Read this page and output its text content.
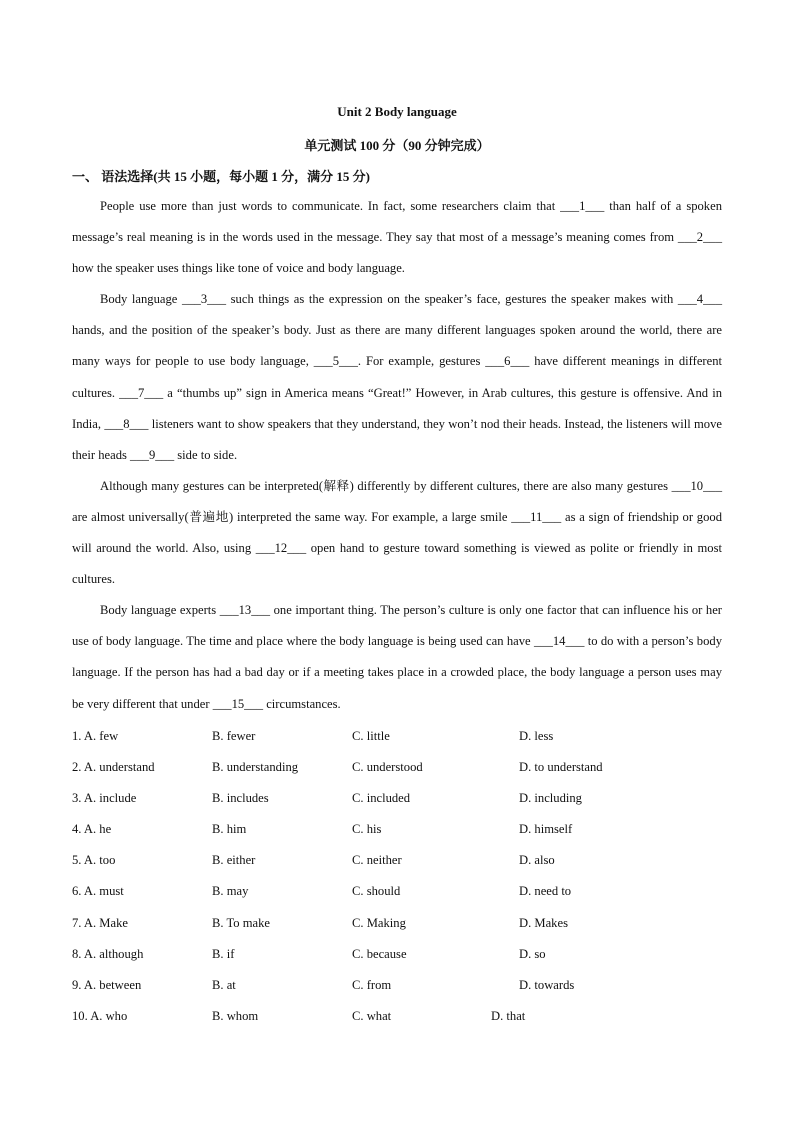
Unit 2 Body language
单元测试 100 分（90 分钟完成）
一、 语法选择(共 15 小题，每小题 1 分，满分 15 分)

People use more than just words to communicate. In fact, some researchers claim that ___1___ than half of a spoken message’s real meaning is in the words used in the message. They say that most of a message’s meaning comes from ___2___ how the speaker uses things like tone of voice and body language.

Body language ___3___ such things as the expression on the speaker’s face, gestures the speaker makes with ___4___ hands, and the position of the speaker’s body. Just as there are many different languages spoken around the world, there are many ways for people to use body language, ___5___. For example, gestures ___6___ have different meanings in different cultures. ___7___ a “thumbs up” sign in America means “Great!” However, in Arab cultures, this gesture is offensive. And in India, ___8___ listeners want to show speakers that they understand, they won’t nod their heads. Instead, the listeners will move their heads ___9___ side to side.

Although many gestures can be interpreted(解释) differently by different cultures, there are also many gestures ___10___ are almost universally(普遍地) interpreted the same way. For example, a large smile ___11___ as a sign of friendship or good will around the world. Also, using ___12___ open hand to gesture toward something is viewed as polite or friendly in most cultures.

Body language experts ___13___ one important thing. The person’s culture is only one factor that can influence his or her use of body language. The time and place where the body language is being used can have ___14___ to do with a person’s body language. If the person has had a bad day or if a meeting takes place in a crowded place, the body language a person uses may be very different that under ___15___ circumstances.

1. A. few	B. fewer	C. little	D. less
2. A. understand	B. understanding	C. understood	D. to understand
3. A. include	B. includes	C. included	D. including
4. A. he	B. him	C. his	D. himself
5. A. too	B. either	C. neither	D. also
6. A. must	B. may	C. should	D. need to
7. A. Make	B. To make	C. Making	D. Makes
8. A. although	B. if	C. because	D. so
9. A. between	B. at	C. from	D. towards
10. A. who	B. whom	C. what	D. that
